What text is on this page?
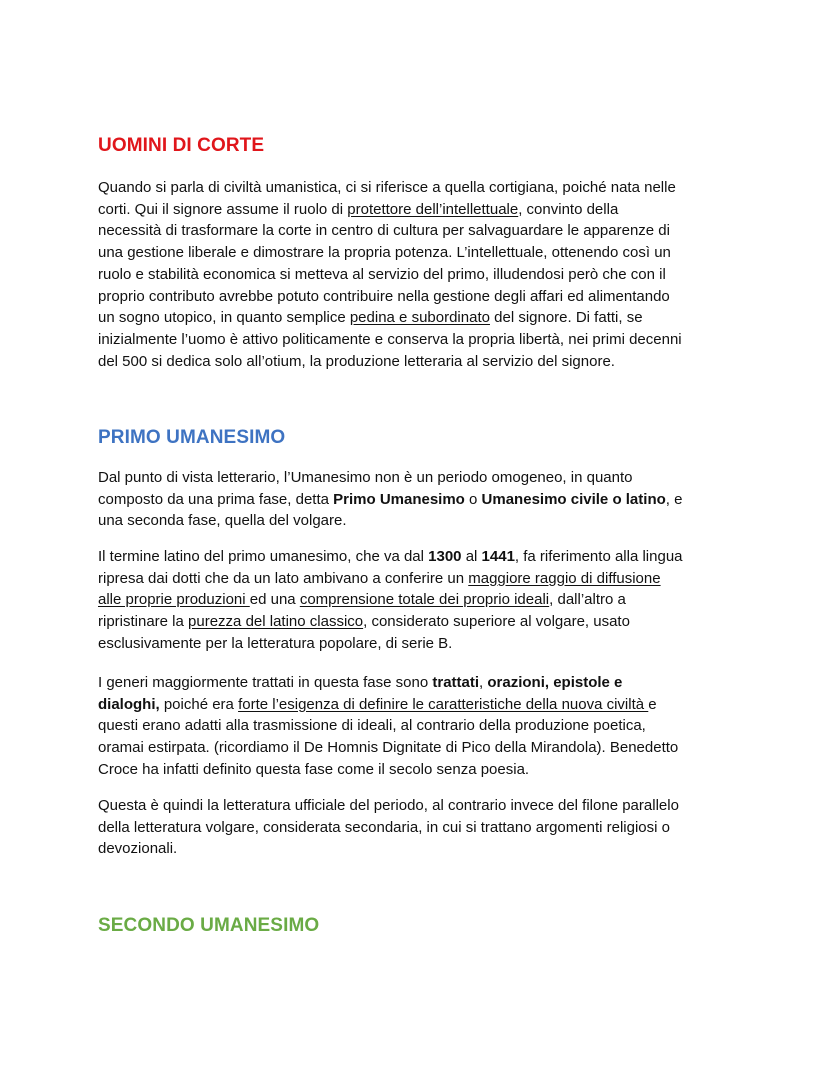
UOMINI DI CORTE

Quando si parla di civiltà umanistica, ci si riferisce a quella cortigiana, poiché nata nelle
corti. Qui il signore assume il ruolo di protettore dell’intellettuale, convinto della
necessità di trasformare la corte in centro di cultura per salvaguardare le apparenze di
una gestione liberale e dimostrare la propria potenza. L’intellettuale, ottenendo così un
ruolo e stabilità economica si metteva al servizio del primo, illudendosi però che con il
proprio contributo avrebbe potuto contribuire nella gestione degli affari ed alimentando
un sogno utopico, in quanto semplice pedina e subordinato del signore. Di fatti, se
inizialmente l’uomo è attivo politicamente e conserva la propria libertà, nei primi decenni
del 500 si dedica solo all’otium, la produzione letteraria al servizio del signore.

PRIMO UMANESIMO

Dal punto di vista letterario, l’Umanesimo non è un periodo omogeneo, in quanto
composto da una prima fase, detta Primo Umanesimo o Umanesimo civile o latino, e
una seconda fase, quella del volgare.

Il termine latino del primo umanesimo, che va dal 1300 al 1441, fa riferimento alla lingua
ripresa dai dotti che da un lato ambivano a conferire un maggiore raggio di diffusione
alle proprie produzioni ed una comprensione totale dei proprio ideali, dall’altro a
ripristinare la purezza del latino classico, considerato superiore al volgare, usato
esclusivamente per la letteratura popolare, di serie B.

I generi maggiormente trattati in questa fase sono trattati, orazioni, epistole e
dialoghi, poiché era forte l’esigenza di definire le caratteristiche della nuova civiltà e
questi erano adatti alla trasmissione di ideali, al contrario della produzione poetica,
oramai estirpata. (ricordiamo il De Homnis Dignitate di Pico della Mirandola). Benedetto
Croce ha infatti definito questa fase come il secolo senza poesia.

Questa è quindi la letteratura ufficiale del periodo, al contrario invece del filone parallelo
della letteratura volgare, considerata secondaria, in cui si trattano argomenti religiosi o
devozionali.

SECONDO UMANESIMO
